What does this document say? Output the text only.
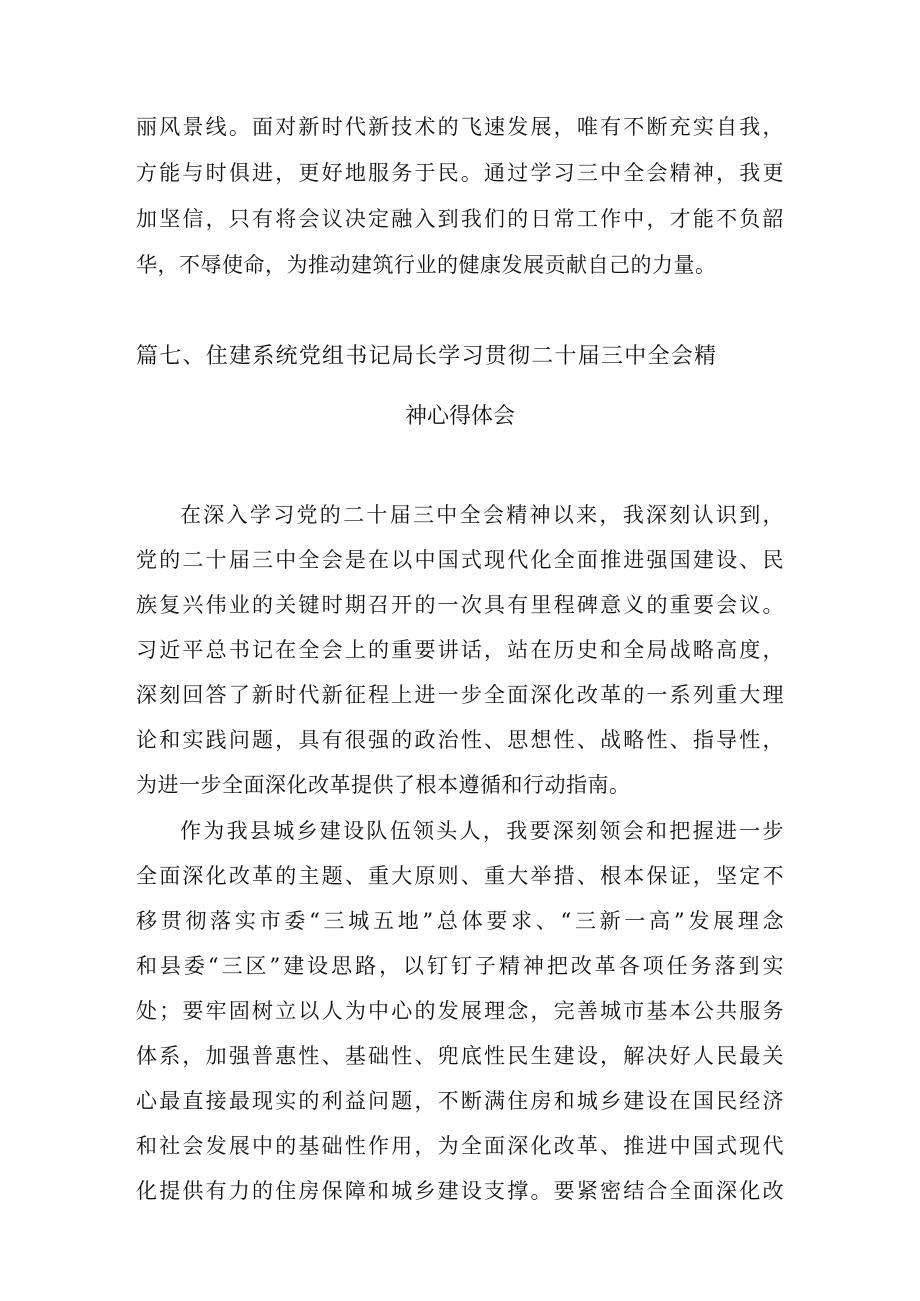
丽风景线。面对新时代新技术的飞速发展，唯有不断充实自我，
方能与时俱进，更好地服务于民。通过学习三中全会精神，我更
加坚信，只有将会议决定融入到我们的日常工作中，才能不负韶
华，不辱使命，为推动建筑行业的健康发展贡献自己的力量。
篇七、住建系统党组书记局长学习贯彻二十届三中全会精
神心得体会
在深入学习党的二十届三中全会精神以来，我深刻认识到，
党的二十届三中全会是在以中国式现代化全面推进强国建设、民
族复兴伟业的关键时期召开的一次具有里程碑意义的重要会议。
习近平总书记在全会上的重要讲话，站在历史和全局战略高度，
深刻回答了新时代新征程上进一步全面深化改革的一系列重大理
论和实践问题，具有很强的政治性、思想性、战略性、指导性，
为进一步全面深化改革提供了根本遵循和行动指南。
作为我县城乡建设队伍领头人，我要深刻领会和把握进一步
全面深化改革的主题、重大原则、重大举措、根本保证，坚定不
移贯彻落实市委“三城五地”总体要求、“三新一高”发展理念
和县委“三区”建设思路，以钉钉子精神把改革各项任务落到实
处；要牢固树立以人为中心的发展理念，完善城市基本公共服务
体系，加强普惠性、基础性、兜底性民生建设，解决好人民最关
心最直接最现实的利益问题，不断满住房和城乡建设在国民经济
和社会发展中的基础性作用，为全面深化改革、推进中国式现代
化提供有力的住房保障和城乡建设支撑。要紧密结合全面深化改
